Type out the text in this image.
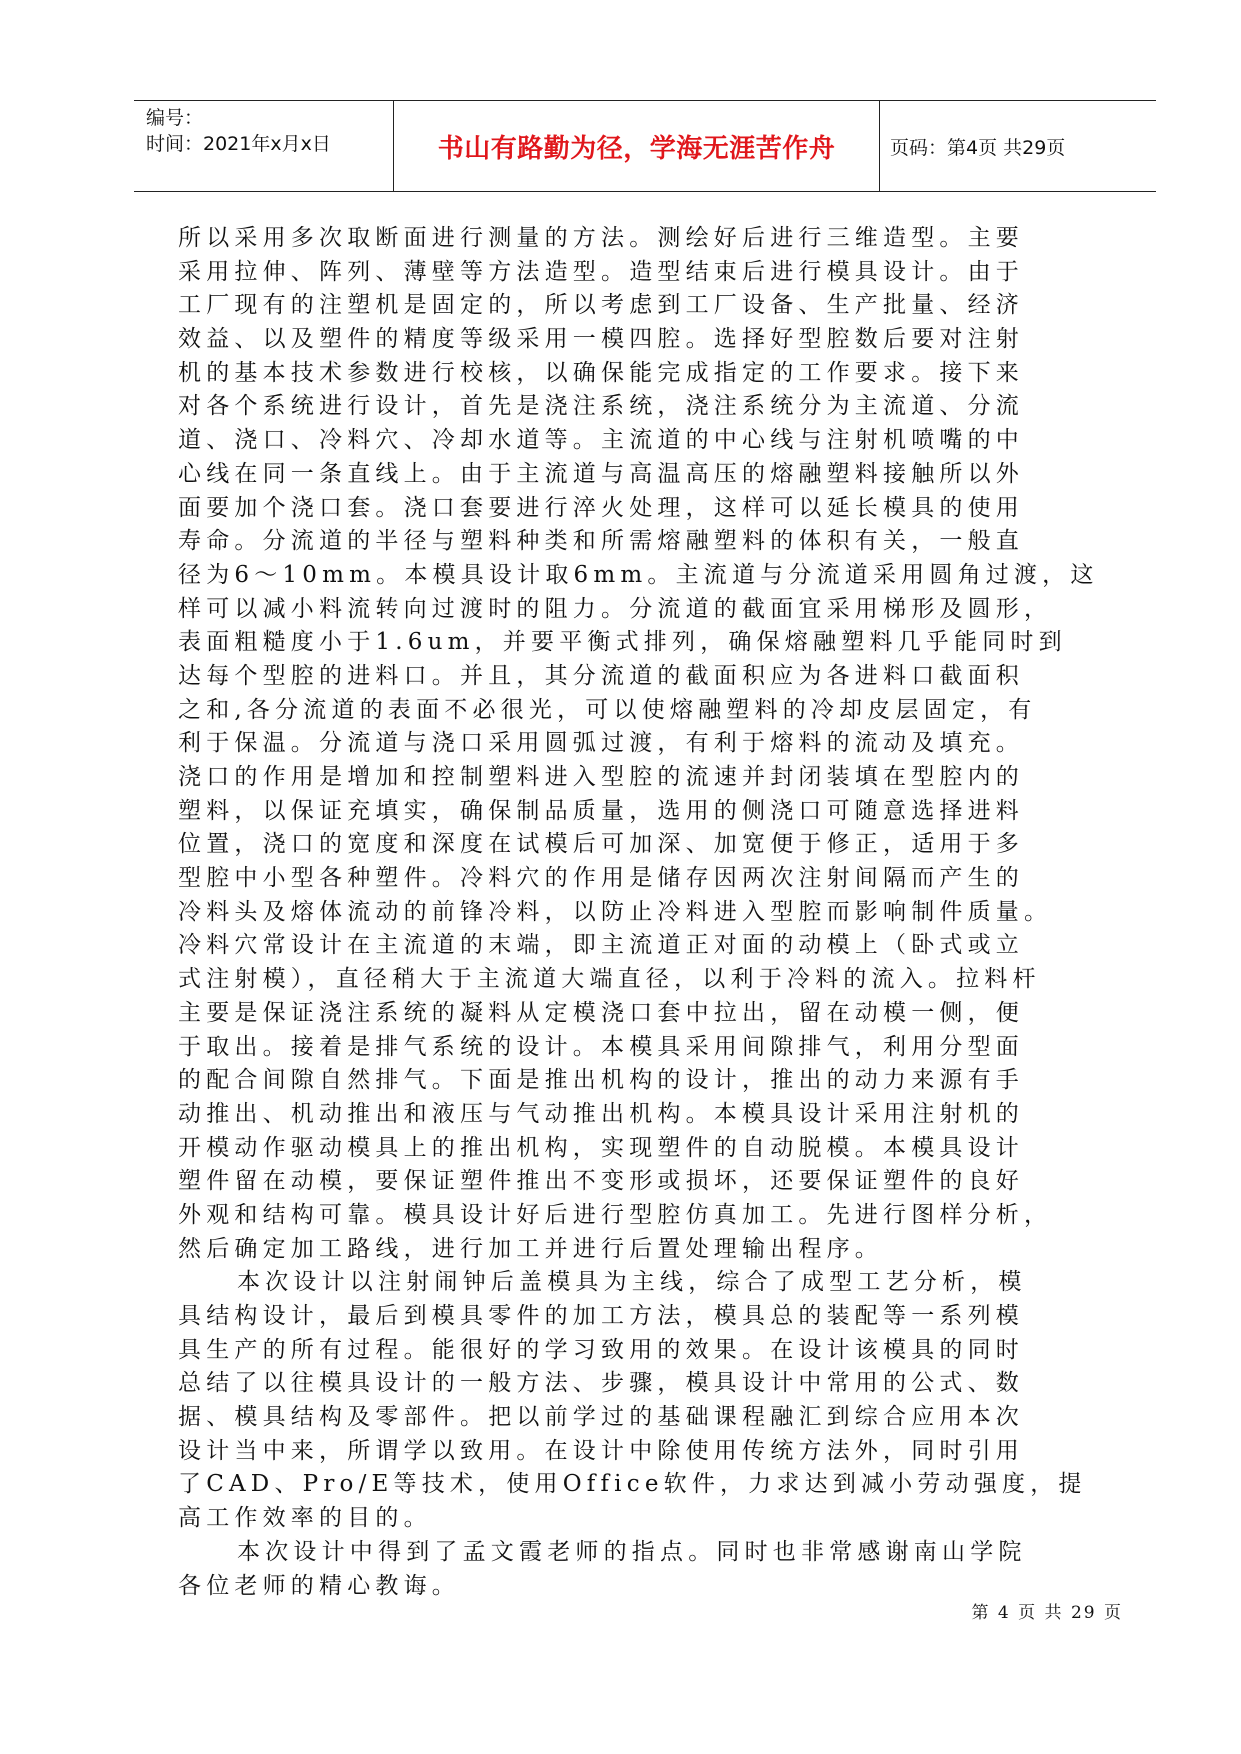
编号：
时间：2021年x月x日	书山有路勤为径，学海无涯苦作舟	页码：第4页 共29页
所以采用多次取断面进行测量的方法。测绘好后进行三维造型。主要
采用拉伸、阵列、薄壁等方法造型。造型结束后进行模具设计。由于
工厂现有的注塑机是固定的，所以考虑到工厂设备、生产批量、经济
效益、以及塑件的精度等级采用一模四腔。选择好型腔数后要对注射
机的基本技术参数进行校核，以确保能完成指定的工作要求。接下来
对各个系统进行设计，首先是浇注系统，浇注系统分为主流道、分流
道、浇口、冷料穴、冷却水道等。主流道的中心线与注射机喷嘴的中
心线在同一条直线上。由于主流道与高温高压的熔融塑料接触所以外
面要加个浇口套。浇口套要进行淬火处理，这样可以延长模具的使用
寿命。分流道的半径与塑料种类和所需熔融塑料的体积有关，一般直
径为6～10mm。本模具设计取6mm。主流道与分流道采用圆角过渡，这
样可以减小料流转向过渡时的阻力。分流道的截面宜采用梯形及圆形，
表面粗糙度小于1.6um，并要平衡式排列，确保熔融塑料几乎能同时到
达每个型腔的进料口。并且，其分流道的截面积应为各进料口截面积
之和,各分流道的表面不必很光，可以使熔融塑料的冷却皮层固定，有
利于保温。分流道与浇口采用圆弧过渡，有利于熔料的流动及填充。
浇口的作用是增加和控制塑料进入型腔的流速并封闭装填在型腔内的
塑料，以保证充填实，确保制品质量，选用的侧浇口可随意选择进料
位置，浇口的宽度和深度在试模后可加深、加宽便于修正，适用于多
型腔中小型各种塑件。冷料穴的作用是储存因两次注射间隔而产生的
冷料头及熔体流动的前锋冷料，以防止冷料进入型腔而影响制件质量。
冷料穴常设计在主流道的末端，即主流道正对面的动模上（卧式或立
式注射模），直径稍大于主流道大端直径，以利于冷料的流入。拉料杆
主要是保证浇注系统的凝料从定模浇口套中拉出，留在动模一侧，便
于取出。接着是排气系统的设计。本模具采用间隙排气，利用分型面
的配合间隙自然排气。下面是推出机构的设计，推出的动力来源有手
动推出、机动推出和液压与气动推出机构。本模具设计采用注射机的
开模动作驱动模具上的推出机构，实现塑件的自动脱模。本模具设计
塑件留在动模，要保证塑件推出不变形或损坏，还要保证塑件的良好
外观和结构可靠。模具设计好后进行型腔仿真加工。先进行图样分析，
然后确定加工路线，进行加工并进行后置处理输出程序。
本次设计以注射闹钟后盖模具为主线，综合了成型工艺分析，模
具结构设计，最后到模具零件的加工方法，模具总的装配等一系列模
具生产的所有过程。能很好的学习致用的效果。在设计该模具的同时
总结了以往模具设计的一般方法、步骤，模具设计中常用的公式、数
据、模具结构及零部件。把以前学过的基础课程融汇到综合应用本次
设计当中来，所谓学以致用。在设计中除使用传统方法外，同时引用
了CAD、Pro/E等技术，使用Office软件，力求达到减小劳动强度，提
高工作效率的目的。
本次设计中得到了孟文霞老师的指点。同时也非常感谢南山学院
各位老师的精心教诲。
第 4 页 共 29 页
